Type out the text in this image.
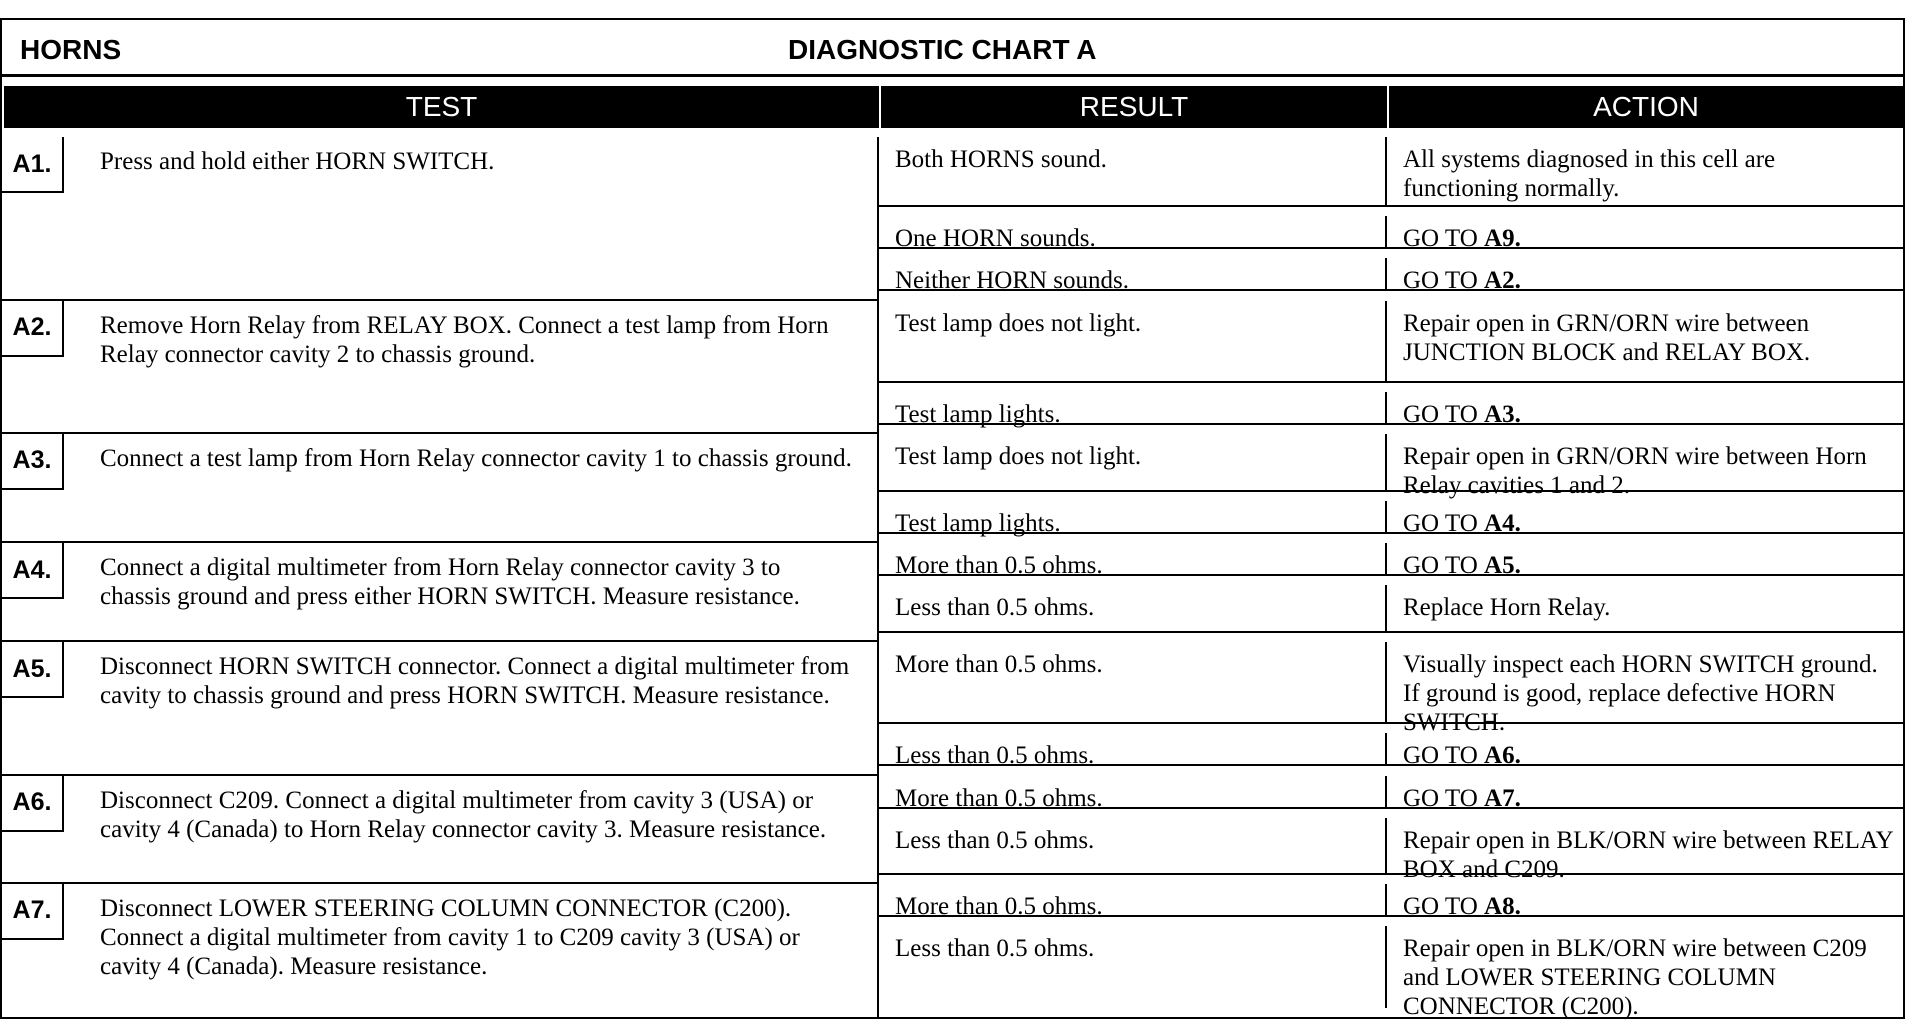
HORNS	DIAGNOSTIC CHART A
TEST	RESULT	ACTION
A1.	Press and hold either HORN SWITCH.	Both HORNS sound.	All systems diagnosed in this cell are functioning normally.
One HORN sounds.	GO TO A9.
Neither HORN sounds.	GO TO A2.
A2.	Remove Horn Relay from RELAY BOX. Connect a test lamp from Horn Relay connector cavity 2 to chassis ground.
Test lamp does not light.	Repair open in GRN/ORN wire between JUNCTION BLOCK and RELAY BOX.
Test lamp lights.	GO TO A3.
A3.	Connect a test lamp from Horn Relay connector cavity 1 to chassis ground.	Test lamp does not light.	Repair open in GRN/ORN wire between Horn Relay cavities 1 and 2.
Test lamp lights.	GO TO A4.
A4.	Connect a digital multimeter from Horn Relay connector cavity 3 to chassis ground and press either HORN SWITCH. Measure resistance.
More than 0.5 ohms.	GO TO A5.
Less than 0.5 ohms.	Replace Horn Relay.
A5.	Disconnect HORN SWITCH connector. Connect a digital multimeter from cavity to chassis ground and press HORN SWITCH. Measure resistance.
More than 0.5 ohms.	Visually inspect each HORN SWITCH ground. If ground is good, replace defective HORN SWITCH.
Less than 0.5 ohms.	GO TO A6.
A6.	Disconnect C209. Connect a digital multimeter from cavity 3 (USA) or cavity 4 (Canada) to Horn Relay connector cavity 3. Measure resistance.
More than 0.5 ohms.	GO TO A7.
Less than 0.5 ohms.	Repair open in BLK/ORN wire between RELAY BOX and C209.
A7.	Disconnect LOWER STEERING COLUMN CONNECTOR (C200). Connect a digital multimeter from cavity 1 to C209 cavity 3 (USA) or cavity 4 (Canada). Measure resistance.
More than 0.5 ohms.	GO TO A8.
Less than 0.5 ohms.	Repair open in BLK/ORN wire between C209 and LOWER STEERING COLUMN CONNECTOR (C200).
